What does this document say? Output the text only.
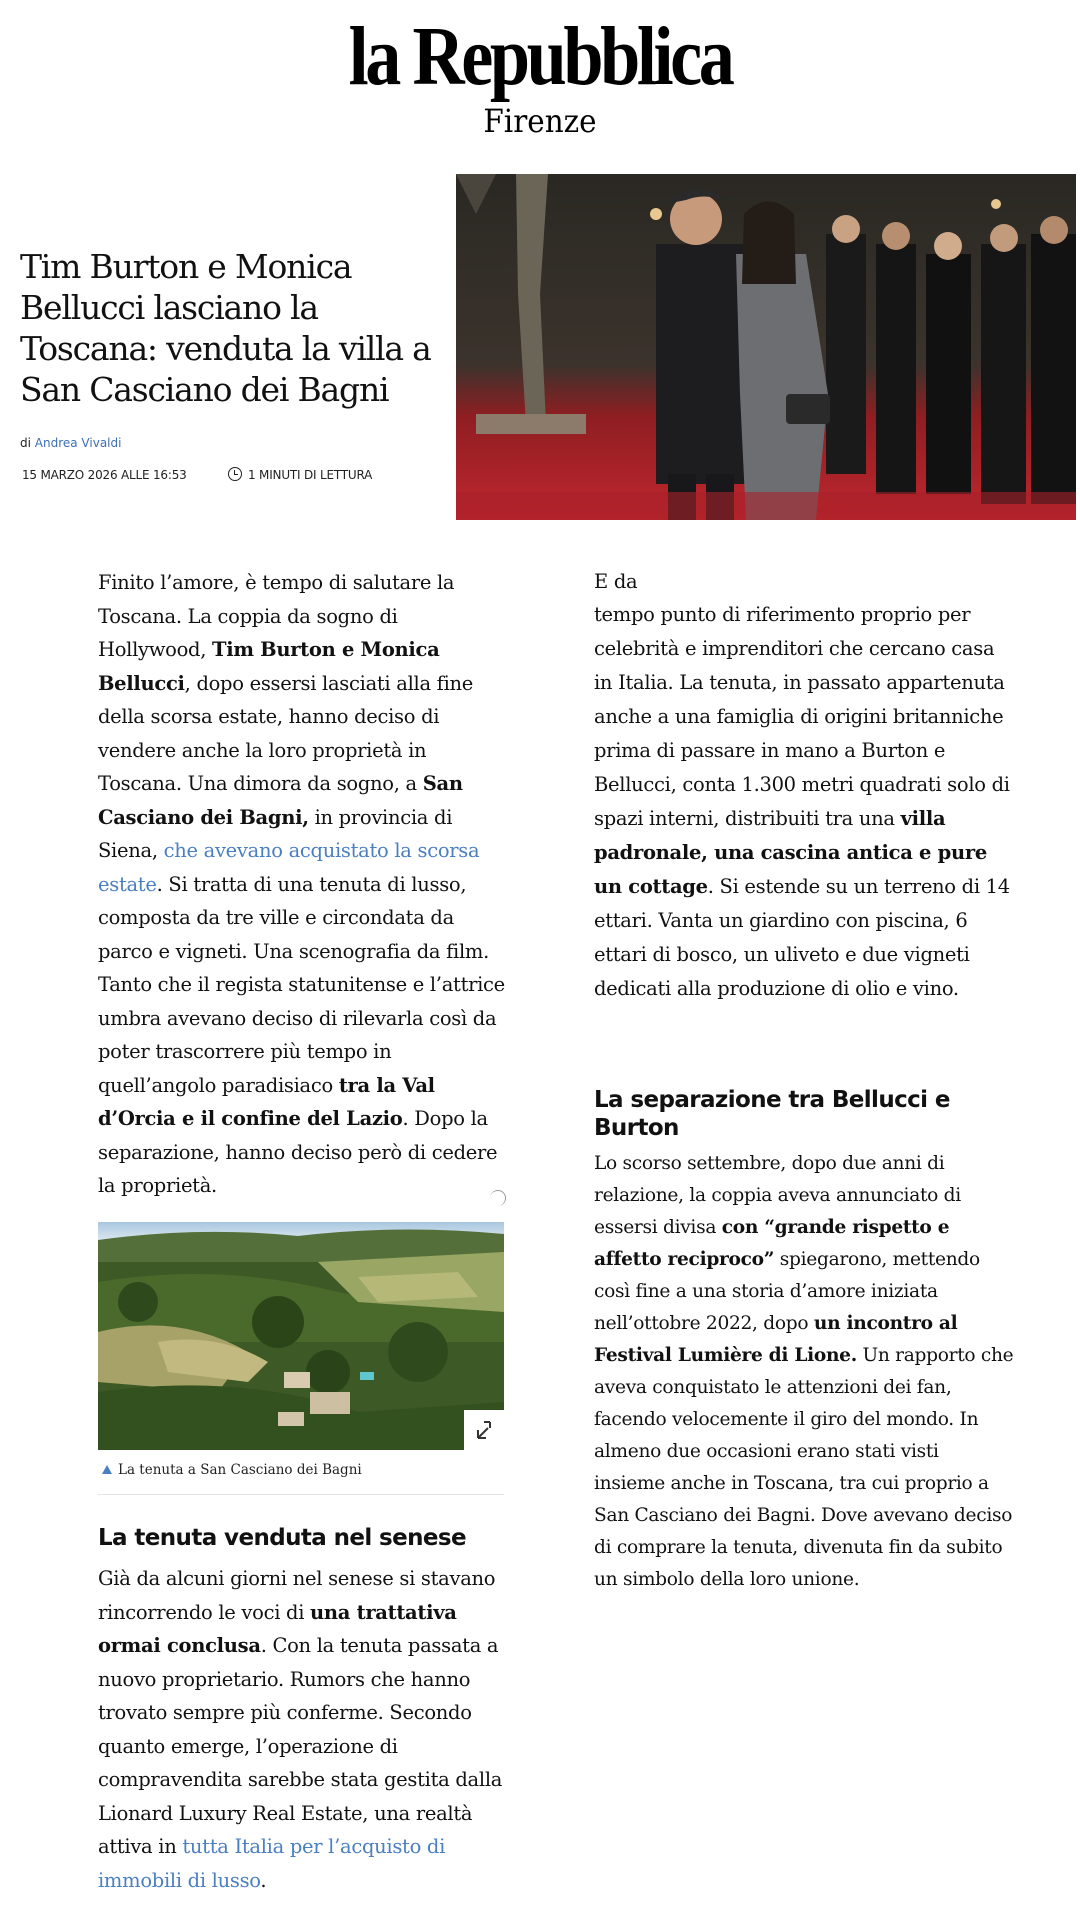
la Repubblica
Firenze
Tim Burton e Monica Bellucci lasciano la Toscana: venduta la villa a San Casciano dei Bagni
di Andrea Vivaldi
15 MARZO 2026 ALLE 16:53	1 MINUTI DI LETTURA

Finito l’amore, è tempo di salutare la Toscana. La coppia da sogno di Hollywood, Tim Burton e Monica Bellucci, dopo essersi lasciati alla fine della scorsa estate, hanno deciso di vendere anche la loro proprietà in Toscana. Una dimora da sogno, a San Casciano dei Bagni, in provincia di Siena, che avevano acquistato la scorsa estate. Si tratta di una tenuta di lusso, composta da tre ville e circondata da parco e vigneti. Una scenografia da film. Tanto che il regista statunitense e l’attrice umbra avevano deciso di rilevarla così da poter trascorrere più tempo in quell’angolo paradisiaco tra la Val d’Orcia e il confine del Lazio. Dopo la separazione, hanno deciso però di cedere la proprietà.

La tenuta a San Casciano dei Bagni
La tenuta venduta nel senese

Già da alcuni giorni nel senese si stavano rincorrendo le voci di una trattativa ormai conclusa. Con la tenuta passata a nuovo proprietario. Rumors che hanno trovato sempre più conferme. Secondo quanto emerge, l’operazione di compravendita sarebbe stata gestita dalla Lionard Luxury Real Estate, una realtà attiva in tutta Italia per l’acquisto di immobili di lusso.

E da

tempo punto di riferimento proprio per celebrità e imprenditori che cercano casa in Italia. La tenuta, in passato appartenuta anche a una famiglia di origini britanniche prima di passare in mano a Burton e Bellucci, conta 1.300 metri quadrati solo di spazi interni, distribuiti tra una villa padronale, una cascina antica e pure un cottage. Si estende su un terreno di 14 ettari. Vanta un giardino con piscina, 6 ettari di bosco, un uliveto e due vigneti dedicati alla produzione di olio e vino.

La separazione tra Bellucci e Burton

Lo scorso settembre, dopo due anni di relazione, la coppia aveva annunciato di essersi divisa con “grande rispetto e affetto reciproco” spiegarono, mettendo così fine a una storia d’amore iniziata nell’ottobre 2022, dopo un incontro al Festival Lumière di Lione. Un rapporto che aveva conquistato le attenzioni dei fan, facendo velocemente il giro del mondo. In almeno due occasioni erano stati visti insieme anche in Toscana, tra cui proprio a San Casciano dei Bagni. Dove avevano deciso di comprare la tenuta, divenuta fin da subito un simbolo della loro unione.
